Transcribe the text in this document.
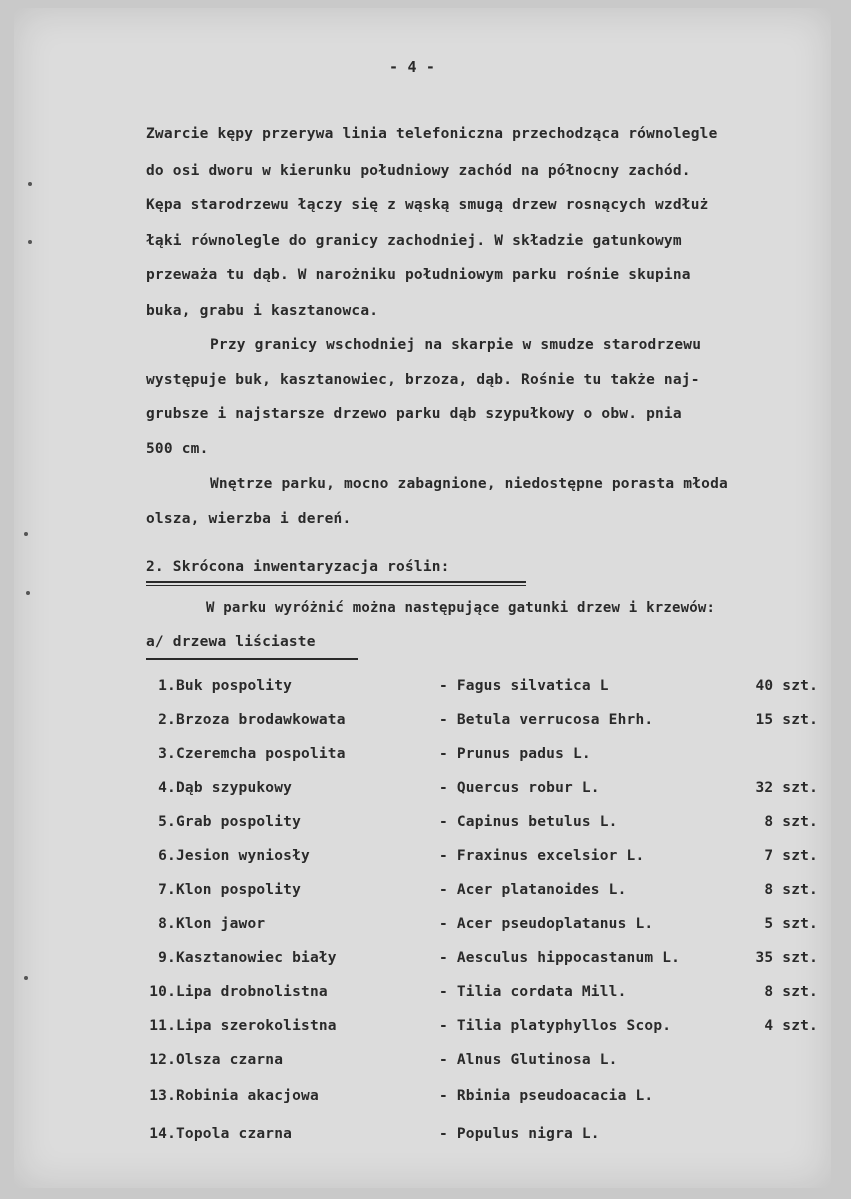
- 4 -
Zwarcie kępy przerywa linia telefoniczna przechodząca równolegle
do osi dworu w kierunku południowy zachód na północny zachód.
Kępa starodrzewu łączy się z wąską smugą drzew rosnących wzdłuż
łąki równolegle do granicy zachodniej. W składzie gatunkowym
przeważa tu dąb. W narożniku południowym parku rośnie skupina
buka, grabu i kasztanowca.
Przy granicy wschodniej na skarpie w smudze starodrzewu
występuje buk, kasztanowiec, brzoza, dąb. Rośnie tu także naj-
grubsze i najstarsze drzewo parku dąb szypułkowy o obw. pnia
500 cm.
Wnętrze parku, mocno zabagnione, niedostępne porasta młoda
olsza, wierzba i dereń.
2. Skrócona inwentaryzacja roślin:
W parku wyróżnić można następujące gatunki drzew i krzewów:
a/ drzewa liściaste
1. Buk pospolity	- Fagus silvatica L	40 szt.
2. Brzoza brodawkowata	- Betula verrucosa Ehrh.	15 szt.
3. Czeremcha pospolita	- Prunus padus L.
4. Dąb szypukowy	- Quercus robur L.	32 szt.
5. Grab pospolity	- Capinus betulus L.	8 szt.
6. Jesion wyniosły	- Fraxinus excelsior L.	7 szt.
7. Klon pospolity	- Acer platanoides L.	8 szt.
8. Klon jawor	- Acer pseudoplatanus L.	5 szt.
9. Kasztanowiec biały	- Aesculus hippocastanum L.	35 szt.
10. Lipa drobnolistna	- Tilia cordata Mill.	8 szt.
11. Lipa szerokolistna	- Tilia platyphyllos Scop.	4 szt.
12. Olsza czarna	- Alnus Glutinosa L.
13. Robinia akacjowa	- Rbinia pseudoacacia L.
14. Topola czarna	- Populus nigra L.
